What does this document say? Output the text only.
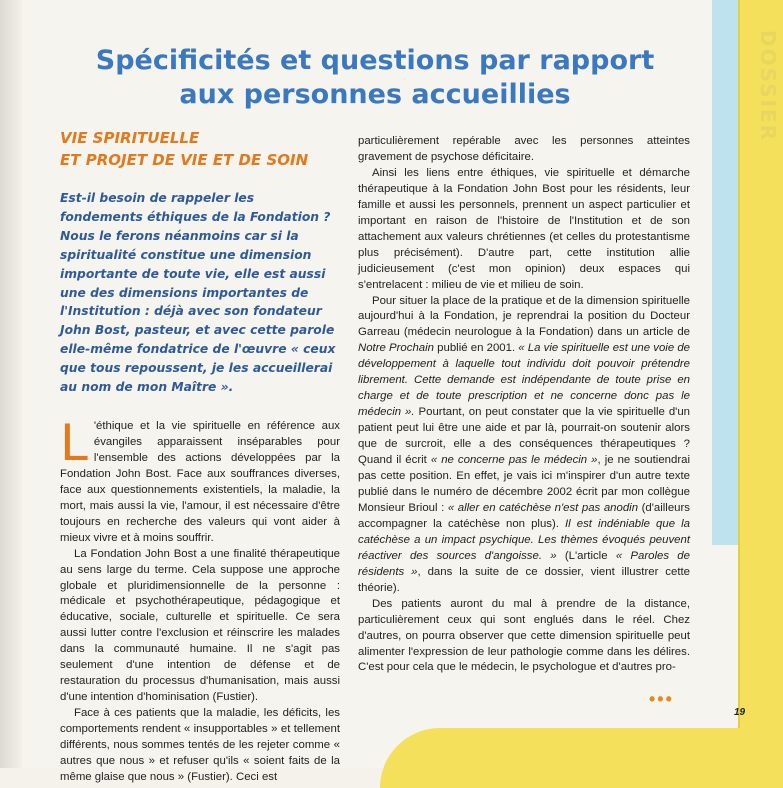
DOSSIER
Spécificités et questions par rapport
aux personnes accueillies
VIE SPIRITUELLE
ET PROJET DE VIE ET DE SOIN
Est-il besoin de rappeler les fondements éthiques de la Fondation ? Nous le ferons néanmoins car si la spiritualité constitue une dimension importante de toute vie, elle est aussi une des dimensions importantes de l'Institution : déjà avec son fondateur John Bost, pasteur, et avec cette parole elle-même fondatrice de l'œuvre « ceux que tous repoussent, je les accueillerai au nom de mon Maître ».

L 'éthique et la vie spirituelle en référence aux évangiles apparaissent inséparables pour l'ensemble des actions développées par la Fondation John Bost. Face aux souffrances diverses, face aux questionnements existentiels, la maladie, la mort, mais aussi la vie, l'amour, il est nécessaire d'être toujours en recherche des valeurs qui vont aider à mieux vivre et à moins souffrir.

La Fondation John Bost a une finalité thérapeutique au sens large du terme. Cela suppose une approche globale et pluridimensionnelle de la personne : médicale et psychothérapeutique, pédagogique et éducative, sociale, culturelle et spirituelle. Ce sera aussi lutter contre l'exclusion et réinscrire les malades dans la communauté humaine. Il ne s'agit pas seulement d'une intention de défense et de restauration du processus d'humanisation, mais aussi d'une intention d'hominisation (Fustier).

Face à ces patients que la maladie, les déficits, les comportements rendent « insupportables » et tellement différents, nous sommes tentés de les rejeter comme « autres que nous » et refuser qu'ils « soient faits de la même glaise que nous » (Fustier). Ceci est

particulièrement repérable avec les personnes atteintes gravement de psychose déficitaire.

Ainsi les liens entre éthiques, vie spirituelle et démarche thérapeutique à la Fondation John Bost pour les résidents, leur famille et aussi les personnels, prennent un aspect particulier et important en raison de l'histoire de l'Institution et de son attachement aux valeurs chrétiennes (et celles du protestantisme plus précisément). D'autre part, cette institution allie judicieusement (c'est mon opinion) deux espaces qui s'entrelacent : milieu de vie et milieu de soin.

Pour situer la place de la pratique et de la dimension spirituelle aujourd'hui à la Fondation, je reprendrai la position du Docteur Garreau (médecin neurologue à la Fondation) dans un article de Notre Prochain publié en 2001. « La vie spirituelle est une voie de développement à laquelle tout individu doit pouvoir prétendre librement. Cette demande est indépendante de toute prise en charge et de toute prescription et ne concerne donc pas le médecin ». Pourtant, on peut constater que la vie spirituelle d'un patient peut lui être une aide et par là, pourrait-on soutenir alors que de surcroit, elle a des conséquences thérapeutiques ? Quand il écrit « ne concerne pas le médecin », je ne soutiendrai pas cette position. En effet, je vais ici m'inspirer d'un autre texte publié dans le numéro de décembre 2002 écrit par mon collègue Monsieur Brioul : « aller en catéchèse n'est pas anodin (d'ailleurs accompagner la catéchèse non plus). Il est indéniable que la catéchèse a un impact psychique. Les thèmes évoqués peuvent réactiver des sources d'angoisse. » (L'article « Paroles de résidents », dans la suite de ce dossier, vient illustrer cette théorie).

Des patients auront du mal à prendre de la distance, particulièrement ceux qui sont englués dans le réel. Chez d'autres, on pourra observer que cette dimension spirituelle peut alimenter l'expression de leur pathologie comme dans les délires. C'est pour cela que le médecin, le psychologue et d'autres pro-

•••
19
